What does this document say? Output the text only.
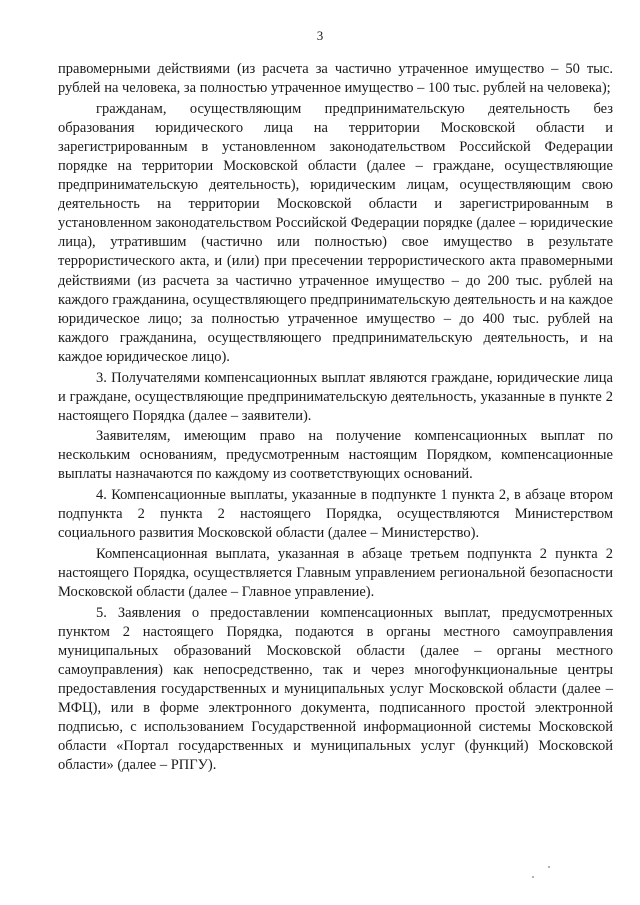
3

правомерными действиями (из расчета за частично утраченное имущество – 50 тыс. рублей на человека, за полностью утраченное имущество – 100 тыс. рублей на человека);

гражданам, осуществляющим предпринимательскую деятельность без образования юридического лица на территории Московской области и зарегистрированным в установленном законодательством Российской Федерации порядке на территории Московской области (далее – граждане, осуществляющие предпринимательскую деятельность), юридическим лицам, осуществляющим свою деятельность на территории Московской области и зарегистрированным в установленном законодательством Российской Федерации порядке (далее – юридические лица), утратившим (частично или полностью) свое имущество в результате террористического акта, и (или) при пресечении террористического акта правомерными действиями (из расчета за частично утраченное имущество – до 200 тыс. рублей на каждого гражданина, осуществляющего предпринимательскую деятельность и на каждое юридическое лицо; за полностью утраченное имущество – до 400 тыс. рублей на каждого гражданина, осуществляющего предпринимательскую деятельность, и на каждое юридическое лицо).

3. Получателями компенсационных выплат являются граждане, юридические лица и граждане, осуществляющие предпринимательскую деятельность, указанные в пункте 2 настоящего Порядка (далее – заявители).

Заявителям, имеющим право на получение компенсационных выплат по нескольким основаниям, предусмотренным настоящим Порядком, компенсационные выплаты назначаются по каждому из соответствующих оснований.

4. Компенсационные выплаты, указанные в подпункте 1 пункта 2, в абзаце втором подпункта 2 пункта 2 настоящего Порядка, осуществляются Министерством социального развития Московской области (далее – Министерство).

Компенсационная выплата, указанная в абзаце третьем подпункта 2 пункта 2 настоящего Порядка, осуществляется Главным управлением региональной безопасности Московской области (далее – Главное управление).

5. Заявления о предоставлении компенсационных выплат, предусмотренных пунктом 2 настоящего Порядка, подаются в органы местного самоуправления муниципальных образований Московской области (далее – органы местного самоуправления) как непосредственно, так и через многофункциональные центры предоставления государственных и муниципальных услуг Московской области (далее – МФЦ), или в форме электронного документа, подписанного простой электронной подписью, с использованием Государственной информационной системы Московской области «Портал государственных и муниципальных услуг (функций) Московской области» (далее – РПГУ).
